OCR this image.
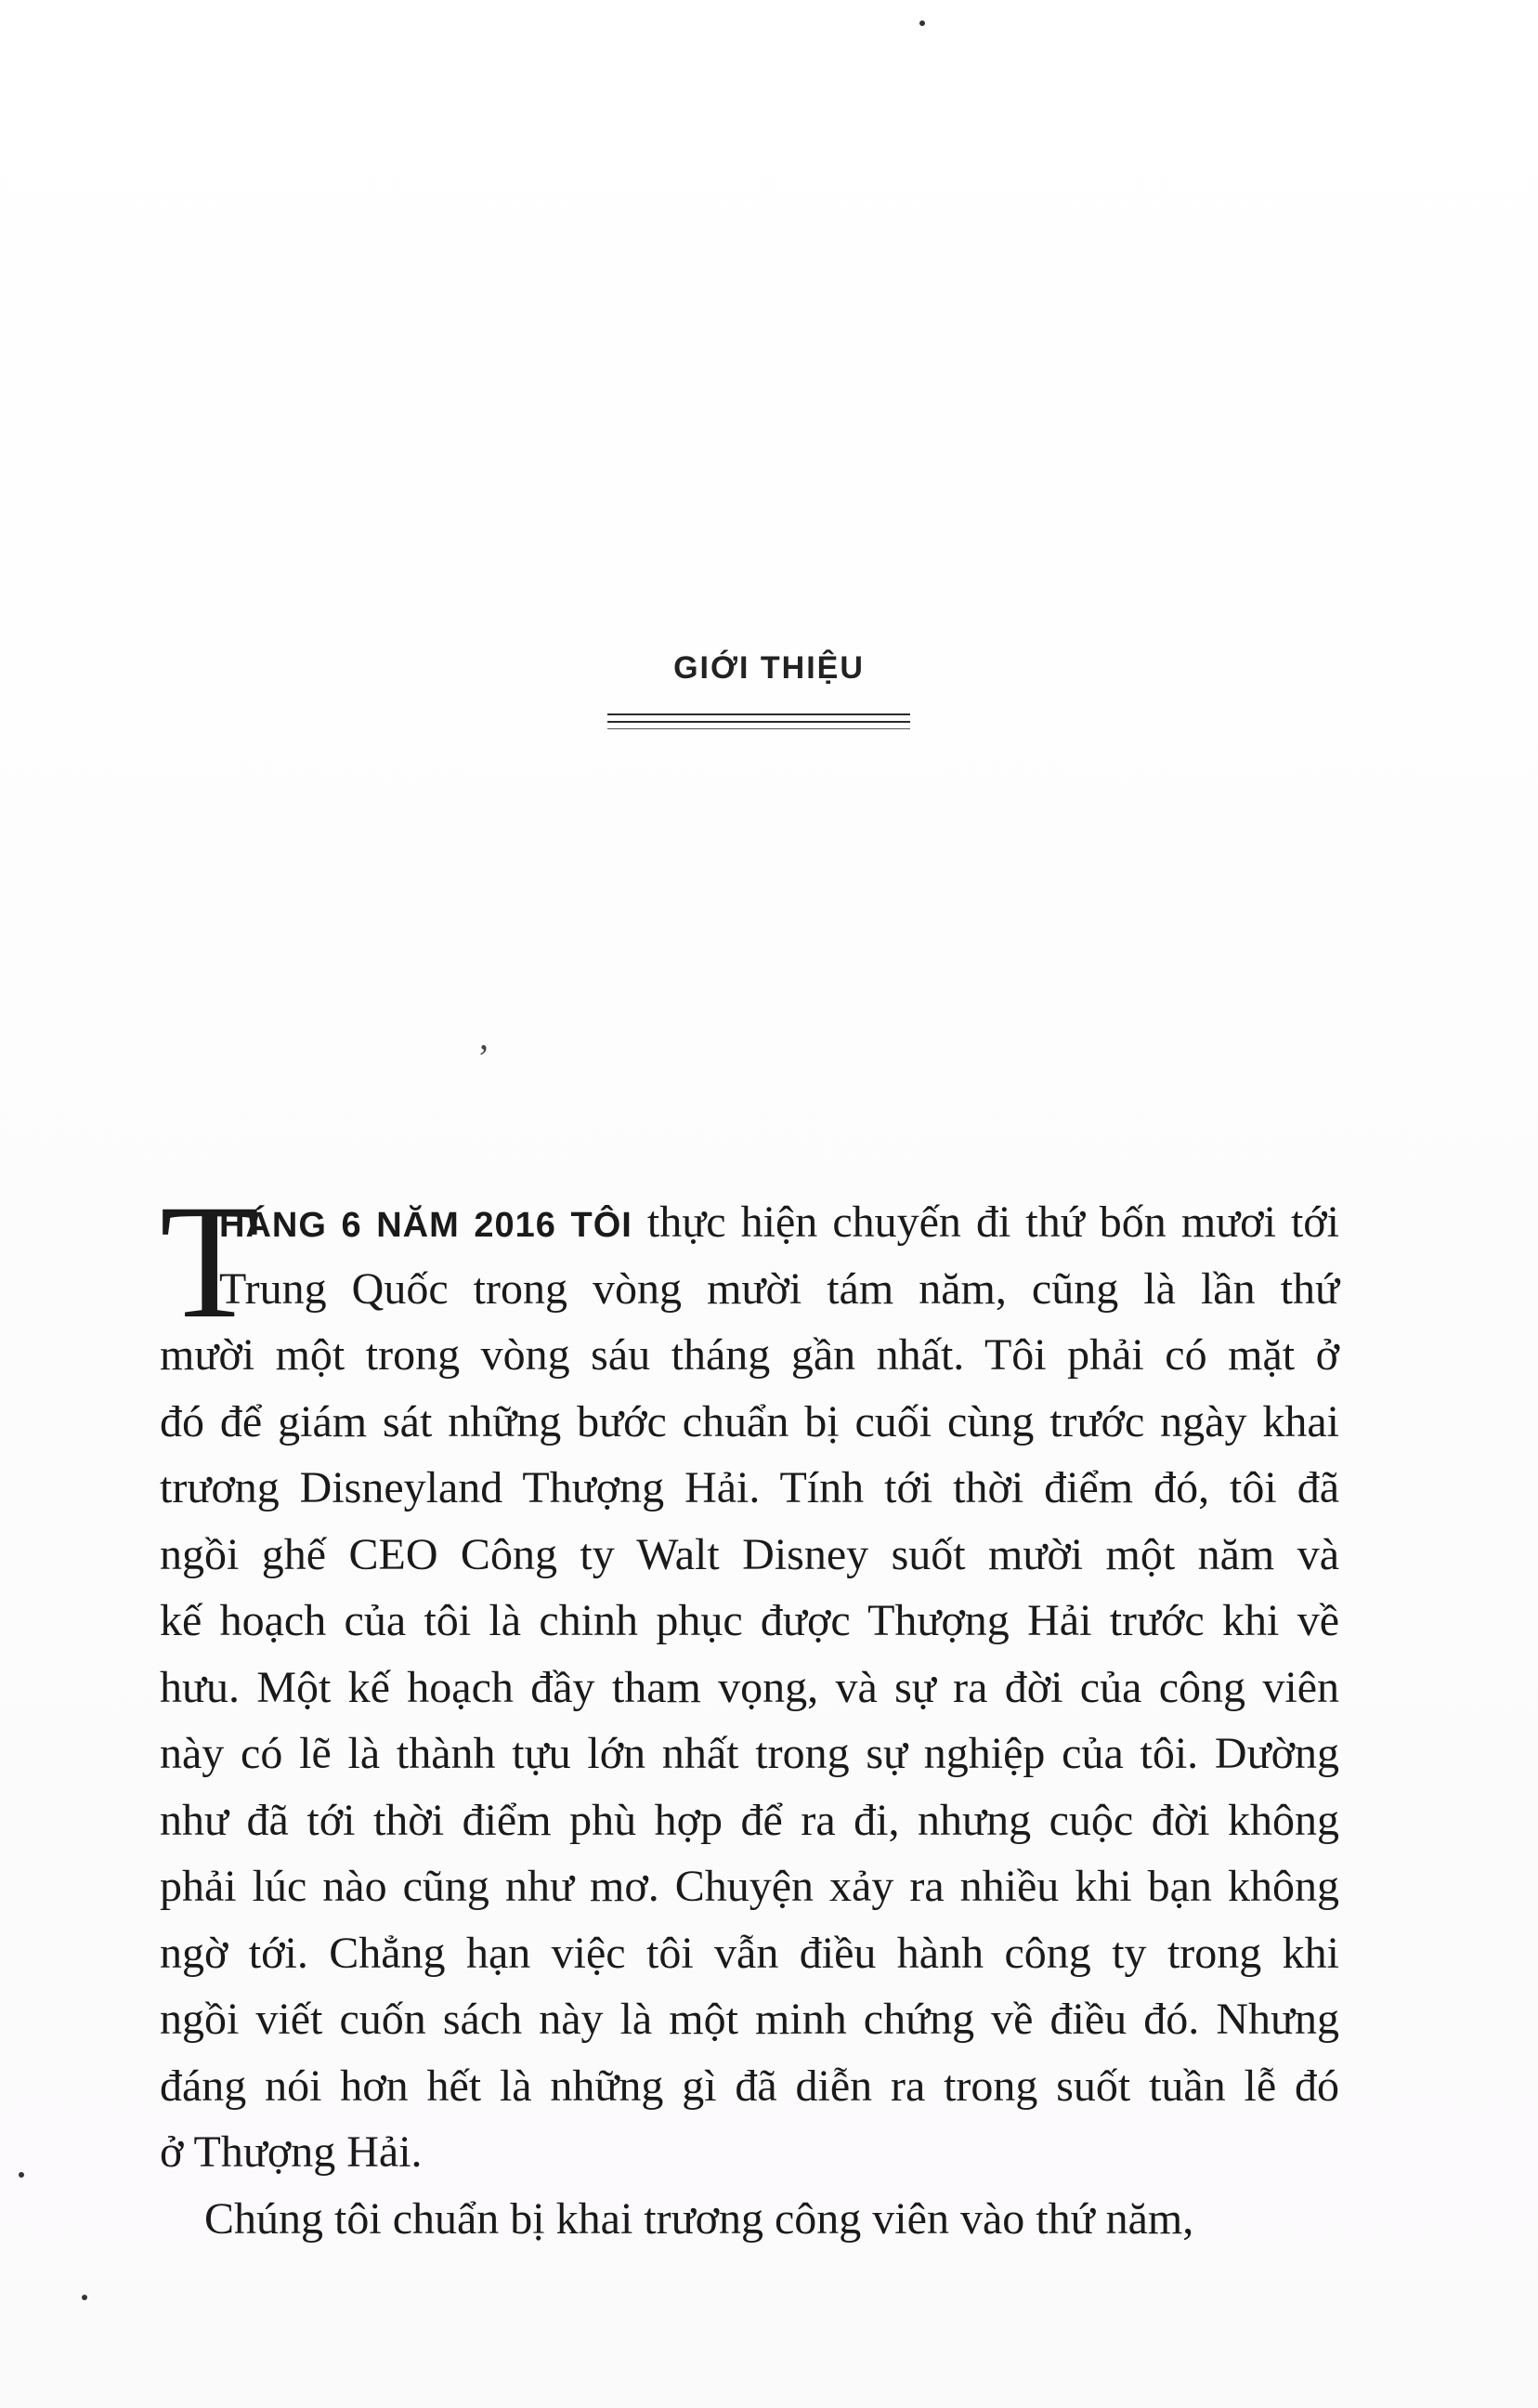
GIỚI THIỆU
,
T
HÁNG 6 NĂM 2016 TÔI thực hiện chuyến đi thứ bốn mươi tới
Trung Quốc trong vòng mười tám năm, cũng là lần thứ
mười một trong vòng sáu tháng gần nhất. Tôi phải có mặt ở
đó để giám sát những bước chuẩn bị cuối cùng trước ngày khai
trương Disneyland Thượng Hải. Tính tới thời điểm đó, tôi đã
ngồi ghế CEO Công ty Walt Disney suốt mười một năm và
kế hoạch của tôi là chinh phục được Thượng Hải trước khi về
hưu. Một kế hoạch đầy tham vọng, và sự ra đời của công viên
này có lẽ là thành tựu lớn nhất trong sự nghiệp của tôi. Dường
như đã tới thời điểm phù hợp để ra đi, nhưng cuộc đời không
phải lúc nào cũng như mơ. Chuyện xảy ra nhiều khi bạn không
ngờ tới. Chẳng hạn việc tôi vẫn điều hành công ty trong khi
ngồi viết cuốn sách này là một minh chứng về điều đó. Nhưng
đáng nói hơn hết là những gì đã diễn ra trong suốt tuần lễ đó
ở Thượng Hải.
Chúng tôi chuẩn bị khai trương công viên vào thứ năm,
